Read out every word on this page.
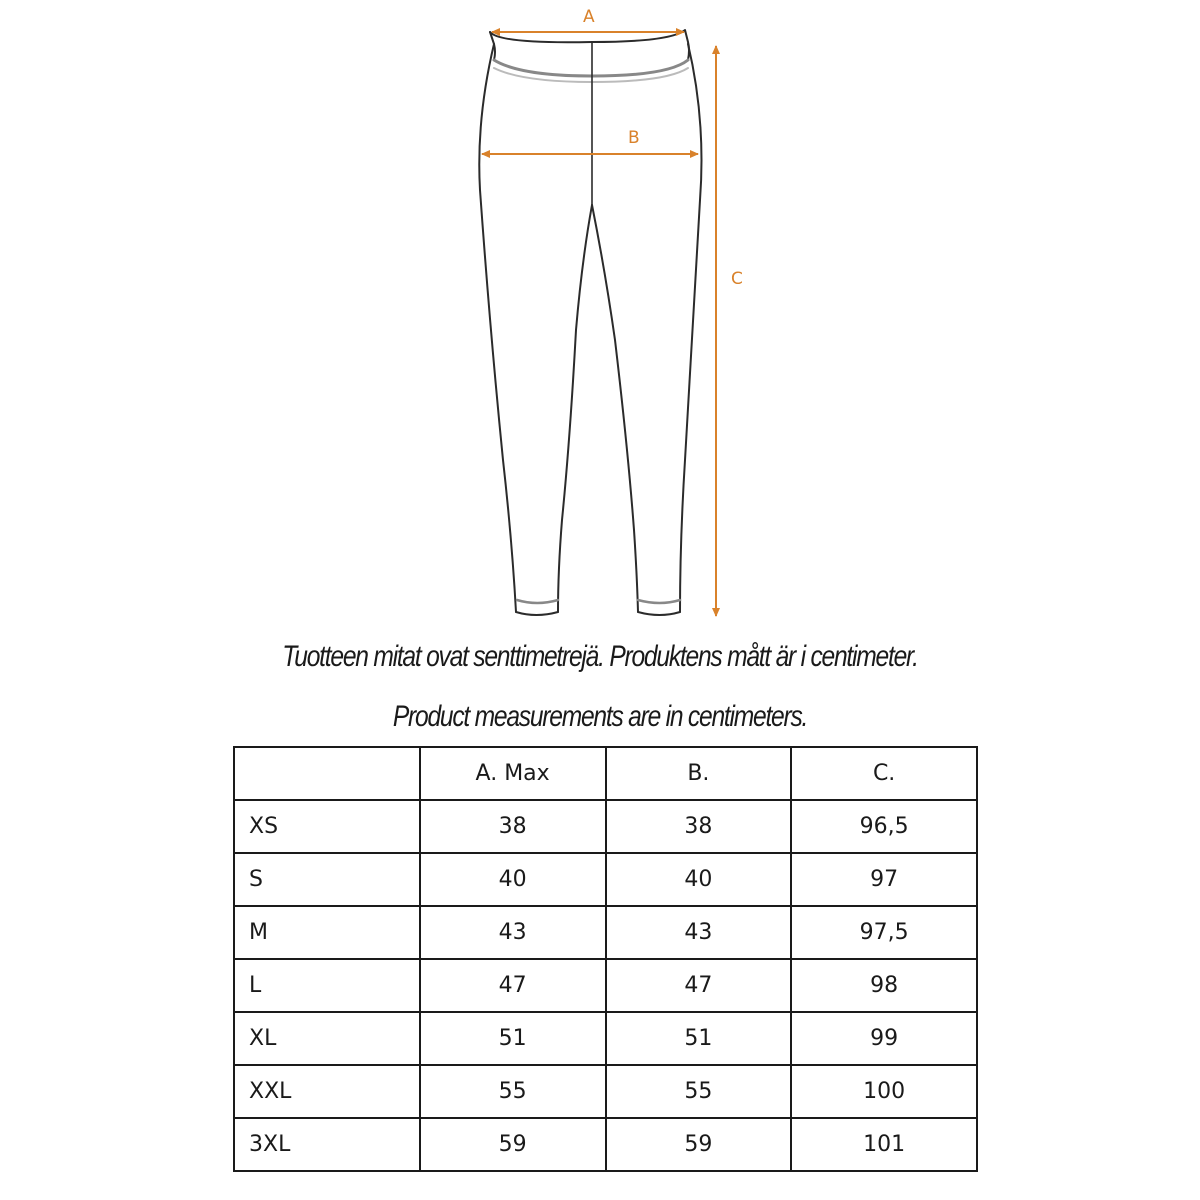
A
B
C
Tuotteen mitat ovat senttimetrejä. Produktens mått är i centimeter.
Product measurements are in centimeters.
	A. Max	B.	C.
XS	38	38	96,5
S	40	40	97
M	43	43	97,5
L	47	47	98
XL	51	51	99
XXL	55	55	100
3XL	59	59	101
